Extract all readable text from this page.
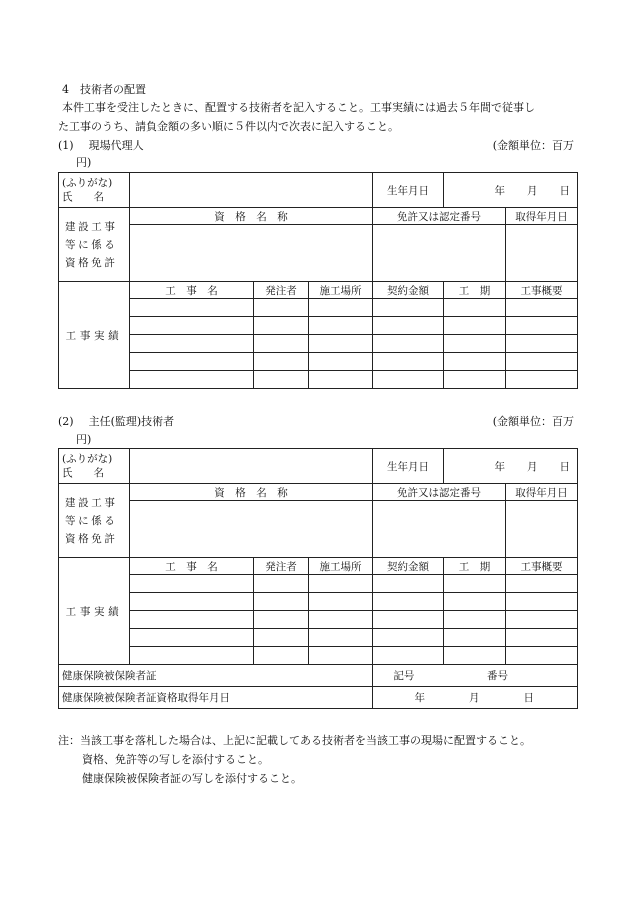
4　技術者の配置
本件工事を受注したときに、配置する技術者を記入すること。工事実績には過去５年間で従事し
た工事のうち、請負金額の多い順に５件以内で次表に記入すること。
(1) 現場代理人	(金額単位：百万
円)
(ふりがな)
氏　　名				生年月日	年 月 日	

建設工事等に係る資格免許	資　格　名　称			免許又は認定番号		取得年月日

工事実績	工　事　名	発注者	施工場所	契約金額	工　期	工事概要

(2) 主任(監理)技術者	(金額単位：百万
円)
(ふりがな)
氏　　名				生年月日	年 月 日	

建設工事等に係る資格免許	資　格　名　称			免許又は認定番号		取得年月日

工事実績	工　事　名	発注者	施工場所	契約金額	工　期	工事概要

健康保険被保険者証				記号 番号		
健康保険被保険者証資格取得年月日				年 月 日		
注：当該工事を落札した場合は、上記に記載してある技術者を当該工事の現場に配置すること。
資格、免許等の写しを添付すること。
健康保険被保険者証の写しを添付すること。
